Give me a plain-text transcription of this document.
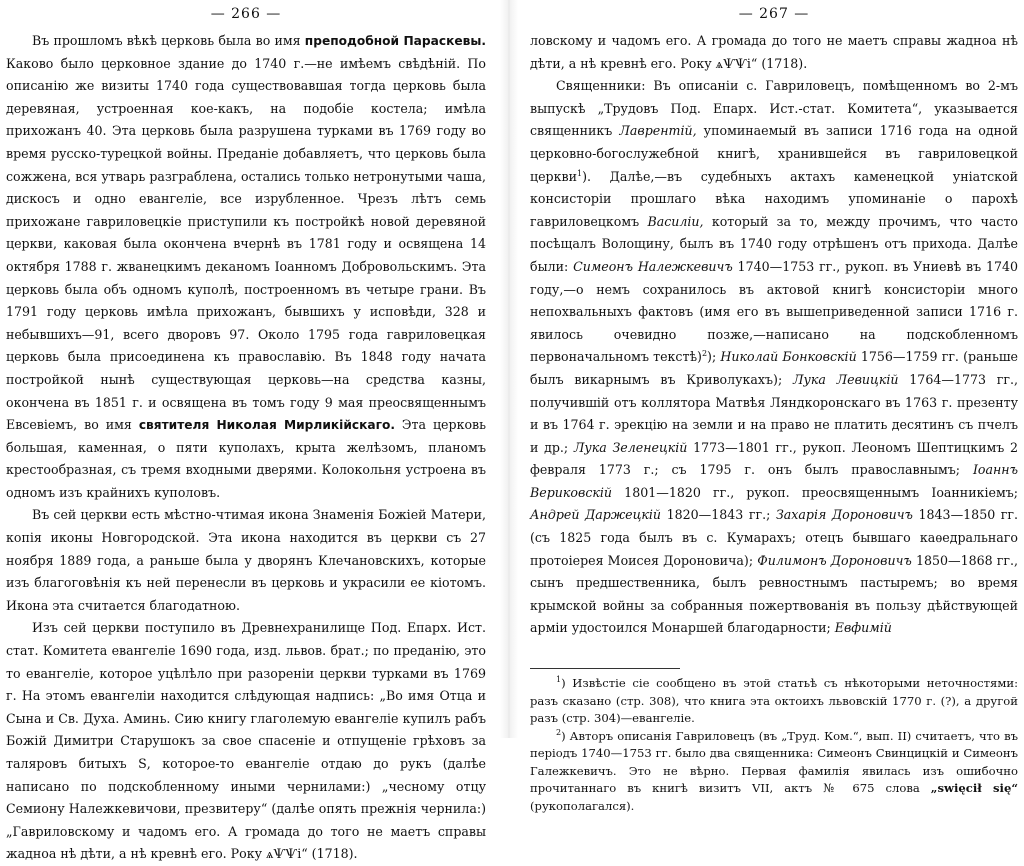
— 266 —

Въ прошломъ вѣкѣ церковь была во имя преподобной Параскевы. Каково было церковное здание до 1740 г.—не имѣемъ свѣдѣній. По описанію же визиты 1740 года существовавшая тогда церковь была деревяная, устроенная кое-какъ, на подобіе костела; имѣла прихожанъ 40. Эта церковь была разрушена турками въ 1769 году во время русско-турецкой войны. Преданіе добавляетъ, что церковь была сожжена, вся утварь разграблена, остались только нетронутыми чаша, дискосъ и одно евангеліе, все изрубленное. Чрезъ лѣтъ семь прихожане гавриловецкіе приступили къ постройкѣ новой деревяной церкви, каковая была окончена вчернѣ въ 1781 году и освящена 14 октября 1788 г. жванецкимъ деканомъ Іоанномъ Добровольскимъ. Эта церковь была объ одномъ куполѣ, построенномъ въ четыре грани. Въ 1791 году церковь имѣла прихожанъ, бывшихъ у исповѣди, 328 и небывшихъ—91, всего дворовъ 97. Около 1795 года гавриловецкая церковь была присоединена къ православію. Въ 1848 году начата постройкой нынѣ существующая церковь—на средства казны, окончена въ 1851 г. и освящена въ томъ году 9 мая преосвященнымъ Евсевіемъ, во имя святителя Николая Мирликійскаго. Эта церковь большая, каменная, о пяти куполахъ, крыта желѣзомъ, планомъ крестообразная, съ тремя входными дверями. Колокольня устроена въ одномъ изъ крайнихъ куполовъ.

Въ сей церкви есть мѣстно-чтимая икона Знаменія Божіей Матери, копія иконы Новгородской. Эта икона находится въ церкви съ 27 ноября 1889 года, а раньше была у дворянъ Клечановскихъ, которые изъ благоговѣнія къ ней перенесли въ церковь и украсили ее кіотомъ. Икона эта считается благодатною.

Изъ сей церкви поступило въ Древнехранилище Под. Епарх. Ист. стат. Комитета евангеліе 1690 года, изд. львов. брат.; по преданію, это то евангеліе, которое уцѣлѣло при разореніи церкви турками въ 1769 г. На этомъ евангеліи находится слѣдующая надпись: „Во имя Отца и Сына и Св. Духа. Аминь. Сию книгу глаголемую евангеліе купилъ рабъ Божій Димитри Старушокъ за свое спасеніе и отпущеніе грѣховъ за таляровъ битыхъ Ѕ, которое-то евангеліе отдаю до рукъ (далѣе написано по подскобленному иными чернилами:) „чесному отцу Семиону Належкевичови, презвитеру“ (далѣе опять прежнія чернила:) „Гавриловскому и чадомъ его. А громада до того не маетъ справы жадноа нѣ дѣти, а нѣ кревнѣ его. Року ѧѰѰі“ (1718).

— 267 —

ловскому и чадомъ его. А громада до того не маетъ справы жадноа нѣ дѣти, а нѣ кревнѣ его. Року ѧѰѰі“ (1718).

Священники: Въ описаніи с. Гавриловецъ, помѣщенномъ во 2-мъ выпускѣ „Трудовъ Под. Епарх. Ист.-стат. Комитета“, указывается священникъ Лаврентій, упоминаемый въ записи 1716 года на одной церковно-богослужебной книгѣ, хранившейся въ гавриловецкой церкви$^1$). Далѣе,—въ судебныхъ актахъ каменецкой уніатской консисторіи прошлаго вѣка находимъ упоминаніе о парохѣ гавриловецкомъ Василіи, который за то, между прочимъ, что часто посѣщалъ Волощину, былъ въ 1740 году отрѣшенъ отъ прихода. Далѣе были: Симеонъ Належкевичъ 1740—1753 гг., рукоп. въ Униевѣ въ 1740 году,—о немъ сохранилось въ актовой книгѣ консисторіи много непохвальныхъ фактовъ (имя его въ вышеприведенной записи 1716 г. явилось очевидно позже,—написано на подскобленномъ первоначальномъ текстѣ)$^2$); Николай Бонковскій 1756—1759 гг. (раньше былъ викарнымъ въ Криволукахъ); Лука Левицкій 1764—1773 гг., получившій отъ коллятора Матвѣя Ляндкоронскаго въ 1763 г. презенту и въ 1764 г. эрекцію на земли и на право не платить десятинъ съ пчелъ и др.; Лука Зеленецкій 1773—1801 гг., рукоп. Леономъ Шептицкимъ 2 февраля 1773 г.; съ 1795 г. онъ былъ православнымъ; Іоаннъ Вериковскій 1801—1820 гг., рукоп. преосвященнымъ Іоанникіемъ; Андрей Даржецкій 1820—1843 гг.; Захарія Дороновичъ 1843—1850 гг. (съ 1825 года былъ въ с. Кумарахъ; отецъ бывшаго каѳедральнаго протоіерея Моисея Дороновича); Филимонъ Дороновичъ 1850—1868 гг., сынъ предшественника, былъ ревностнымъ пастыремъ; во время крымской войны за собранныя пожертвованія въ пользу дѣйствующей арміи удостоился Монаршей благодарности; Евфимій

$^1$) Извѣстіе сіе сообщено въ этой статьѣ съ нѣкоторыми неточностями: разъ сказано (стр. 308), что книга эта октоихъ львовскій 1770 г. (?), а другой разъ (стр. 304)—евангеліе.

$^2$) Авторъ описанія Гавриловецъ (въ „Труд. Ком.“, вып. II) считаетъ, что въ періодъ 1740—1753 гг. было два священника: Симеонъ Свинцицкій и Симеонъ Галежкевичъ. Это не вѣрно. Первая фамилія явилась изъ ошибочно прочитаннаго въ книгѣ визитъ VII, актъ № 675 слова „swięcił się“ (рукополагался).
